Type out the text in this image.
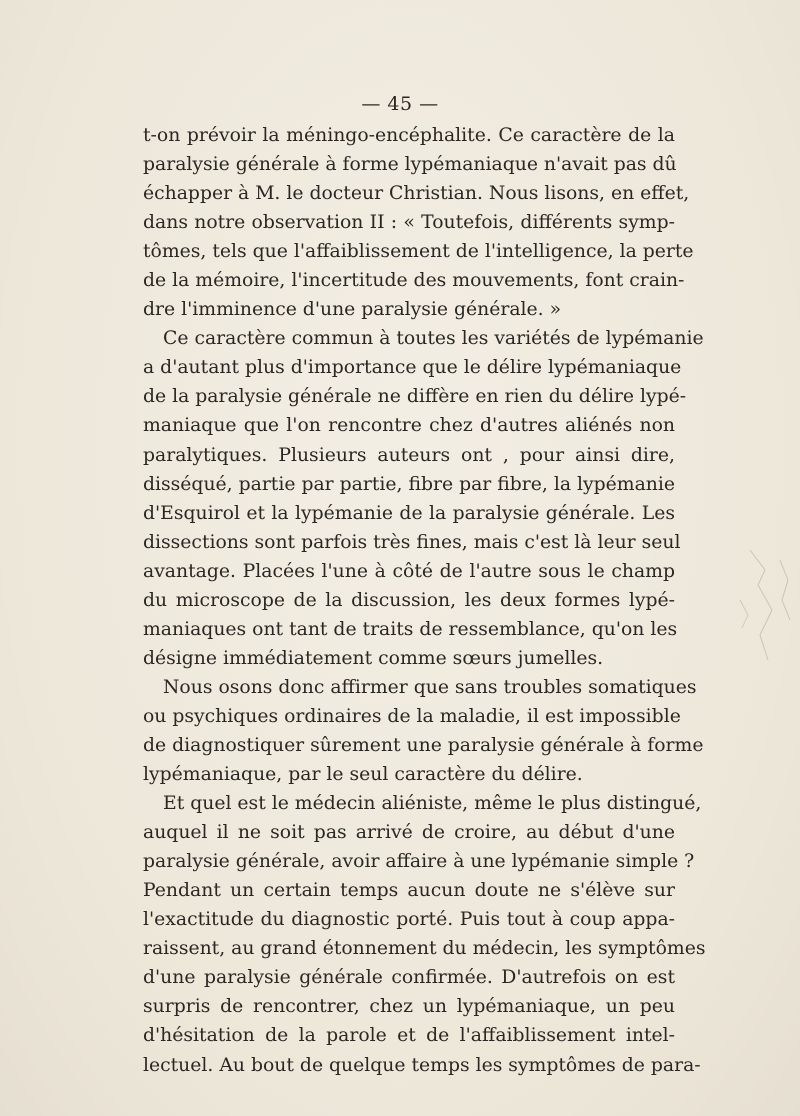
— 45 —
t-on prévoir la méningo-encéphalite. Ce caractère de la
paralysie générale à forme lypémaniaque n'avait pas dû
échapper à M. le docteur Christian. Nous lisons, en effet,
dans notre observation II : « Toutefois, différents symp-
tômes, tels que l'affaiblissement de l'intelligence, la perte
de la mémoire, l'incertitude des mouvements, font crain-
dre l'imminence d'une paralysie générale. »
Ce caractère commun à toutes les variétés de lypémanie
a d'autant plus d'importance que le délire lypémaniaque
de la paralysie générale ne diffère en rien du délire lypé-
maniaque que l'on rencontre chez d'autres aliénés non
paralytiques. Plusieurs auteurs ont , pour ainsi dire,
disséqué, partie par partie, fibre par fibre, la lypémanie
d'Esquirol et la lypémanie de la paralysie générale. Les
dissections sont parfois très fines, mais c'est là leur seul
avantage. Placées l'une à côté de l'autre sous le champ
du microscope de la discussion, les deux formes lypé-
maniaques ont tant de traits de ressemblance, qu'on les
désigne immédiatement comme sœurs jumelles.
Nous osons donc affirmer que sans troubles somatiques
ou psychiques ordinaires de la maladie, il est impossible
de diagnostiquer sûrement une paralysie générale à forme
lypémaniaque, par le seul caractère du délire.
Et quel est le médecin aliéniste, même le plus distingué,
auquel il ne soit pas arrivé de croire, au début d'une
paralysie générale, avoir affaire à une lypémanie simple ?
Pendant un certain temps aucun doute ne s'élève sur
l'exactitude du diagnostic porté. Puis tout à coup appa-
raissent, au grand étonnement du médecin, les symptômes
d'une paralysie générale confirmée. D'autrefois on est
surpris de rencontrer, chez un lypémaniaque, un peu
d'hésitation de la parole et de l'affaiblissement intel-
lectuel. Au bout de quelque temps les symptômes de para-
